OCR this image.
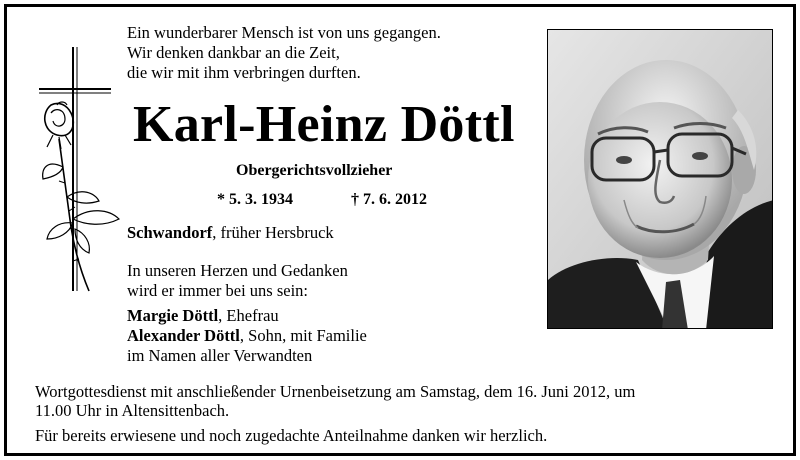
Ein wunderbarer Mensch ist von uns gegangen.
Wir denken dankbar an die Zeit,
die wir mit ihm verbringen durften.
Karl-Heinz Döttl
Obergerichtsvollzieher
* 5. 3. 1934	† 7. 6. 2012
Schwandorf, früher Hersbruck
In unseren Herzen und Gedanken
wird er immer bei uns sein:
Margie Döttl, Ehefrau
Alexander Döttl, Sohn, mit Familie
im Namen aller Verwandten
Wortgottesdienst mit anschließender Urnenbeisetzung am Samstag, dem 16. Juni 2012, um
11.00 Uhr in Altensittenbach.
Für bereits erwiesene und noch zugedachte Anteilnahme danken wir herzlich.
